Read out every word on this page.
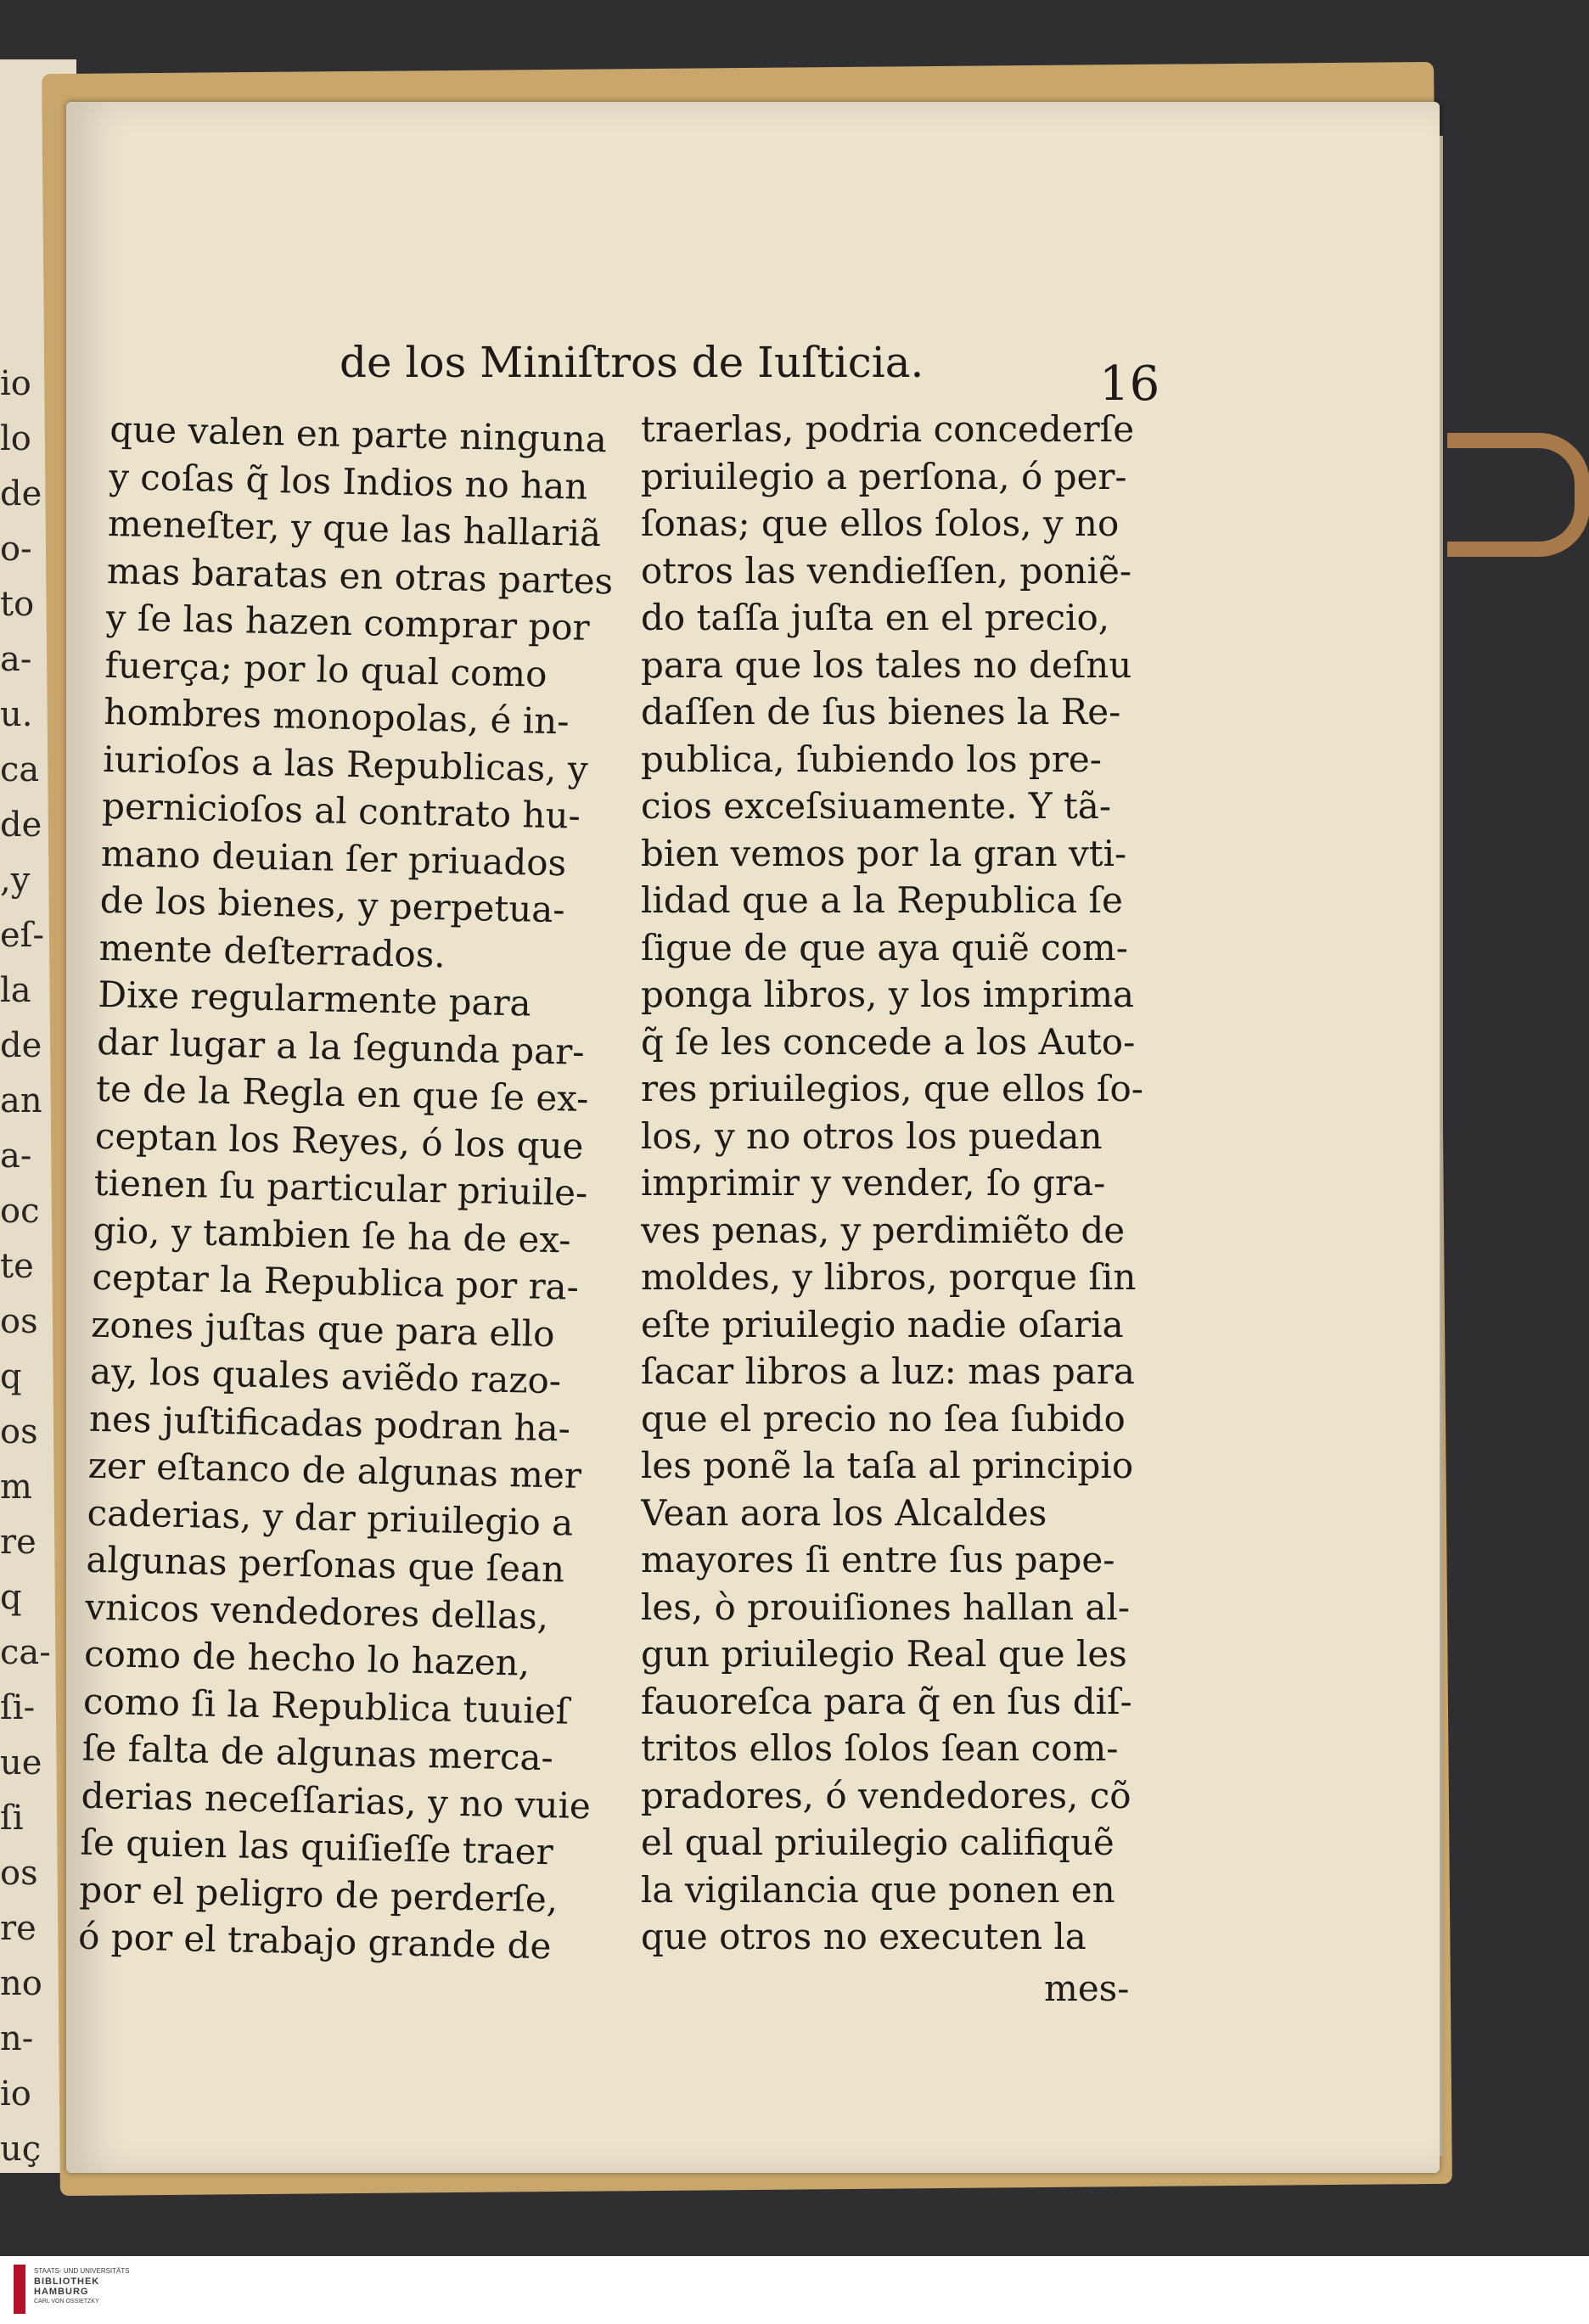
io
lo
de
o-
to
a-
u.
ca
de
,y
eſ-
la
de
an
a-
oc
te
os
q
os
m
re
q
ca-
ſi-
ue
ſi
os
re
no
n-
io
uç
de los Miniſtros de Iuſticia.	16
que valen en parte ninguna
y coſas q̃ los Indios no han
meneſter, y que las hallariã
mas baratas en otras partes
y ſe las hazen comprar por
fuerça; por lo qual como
hombres monopolas, é in-
iurioſos a las Republicas, y
pernicioſos al contrato hu-
mano deuian ſer priuados
de los bienes, y perpetua-
mente deſterrados.
Dixe regularmente para
dar lugar a la ſegunda par-
te de la Regla en que ſe ex-
ceptan los Reyes, ó los que
tienen ſu particular priuile-
gio, y tambien ſe ha de ex-
ceptar la Republica por ra-
zones juſtas que para ello
ay, los quales aviẽdo razo-
nes juſtificadas podran ha-
zer eſtanco de algunas mer
caderias, y dar priuilegio a
algunas perſonas que ſean
vnicos vendedores dellas,
como de hecho lo hazen,
como ſi la Republica tuuieſ
ſe falta de algunas merca-
derias neceſſarias, y no vuie
ſe quien las quiſieſſe traer
por el peligro de perderſe,
ó por el trabajo grande de
traerlas, podria concederſe
priuilegio a perſona, ó per-
ſonas; que ellos ſolos, y no
otros las vendieſſen, poniẽ-
do taſſa juſta en el precio,
para que los tales no deſnu
daſſen de ſus bienes la Re-
publica, ſubiendo los pre-
cios exceſsiuamente. Y tã-
bien vemos por la gran vti-
lidad que a la Republica ſe
ſigue de que aya quiẽ com-
ponga libros, y los imprima
q̃ ſe les concede a los Auto-
res priuilegios, que ellos ſo-
los, y no otros los puedan
imprimir y vender, ſo gra-
ves penas, y perdimiẽto de
moldes, y libros, porque ſin
eſte priuilegio nadie oſaria
ſacar libros a luz: mas para
que el precio no ſea ſubido
les ponẽ la taſa al principio
Vean aora los Alcaldes
mayores ſi entre ſus pape-
les, ò prouiſiones hallan al-
gun priuilegio Real que les
fauoreſca para q̃ en ſus diſ-
tritos ellos ſolos ſean com-
pradores, ó vendedores, cõ
el qual priuilegio califiquẽ
la vigilancia que ponen en
que otros no executen la
mes-
STAATS- UND UNIVERSITÄTS
BIBLIOTHEK
HAMBURG
CARL VON OSSIETZKY
